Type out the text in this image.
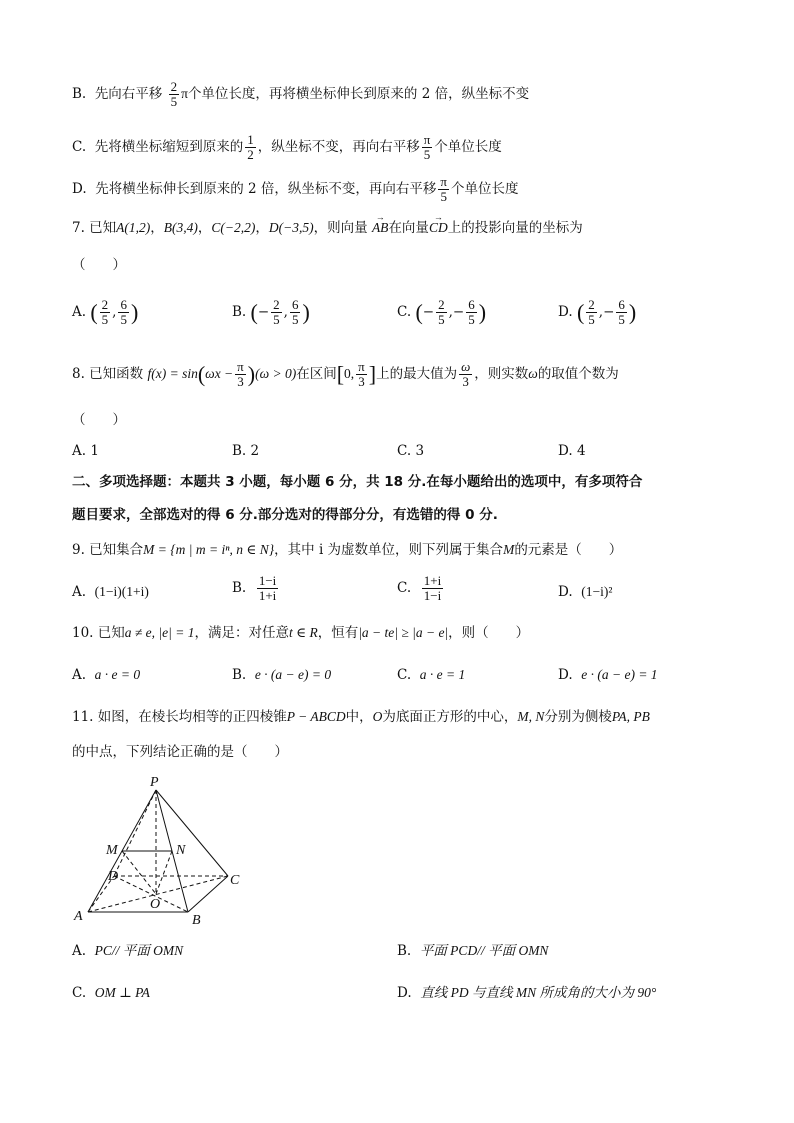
B. 先向右平移 $\frac{2}{5}$ π个单位长度，再将横坐标伸长到原来的 2 倍，纵坐标不变
C. 先将横坐标缩短到原来的 $\frac{1}{2}$ ，纵坐标不变，再向右平移 $\frac{\pi}{5}$ 个单位长度
D. 先将横坐标伸长到原来的 2 倍，纵坐标不变，再向右平移 $\frac{\pi}{5}$ 个单位长度
7. 已知A(1,2)，B(3,4)，C(−2,2)，D(−3,5)，则向量 → AB在向量→ CD上的投影向量的坐标为
（　　）
A. ( $\frac{2}{5}$ , $\frac{6}{5}$ )	B. (− $\frac{2}{5}$ , $\frac{6}{5}$ )	C. (− $\frac{2}{5}$ ,− $\frac{6}{5}$ )	D. ( $\frac{2}{5}$ ,− $\frac{6}{5}$ )
8. 已知函数 $f(x) = \sin(\omega x - \frac{\pi}{3} )(\omega > 0)$在区间[0, $\frac{\pi}{3}$ ]上的最大值为 $\frac{\omega}{3}$ ，则实数ω的取值个数为
（　　）
A. 1	B. 2	C. 3	D. 4
二、多项选择题：本题共 3 小题，每小题 6 分，共 18 分.在每小题给出的选项中，有多项符合
题目要求，全部选对的得 6 分.部分选对的得部分分，有选错的得 0 分.
9. 已知集合M = {m | m = iⁿ, n ∈ N}，其中 i 为虚数单位，则下列属于集合M的元素是（　　）
A. (1−i)(1+i)	B. $\frac{1-i}{1+i}$	C. $\frac{1+i}{1-i}$	D. (1−i)²
10. 已知a ≠ e, |e| = 1，满足：对任意t ∈ R，恒有|a − te| ≥ |a − e|，则（　　）
A. a · e = 0	B. e · (a − e) = 0	C. a · e = 1	D. e · (a − e) = 1
11. 如图，在棱长均相等的正四棱锥P − ABCD中，O为底面正方形的中心，M, N分别为侧棱PA, PB
的中点，下列结论正确的是（　　）
P
M	N
D	C
O
A	B
A. PC// 平面 OMN	B. 平面 PCD// 平面 OMN
C. OM ⊥ PA	D. 直线 PD 与直线 MN 所成角的大小为 90°
